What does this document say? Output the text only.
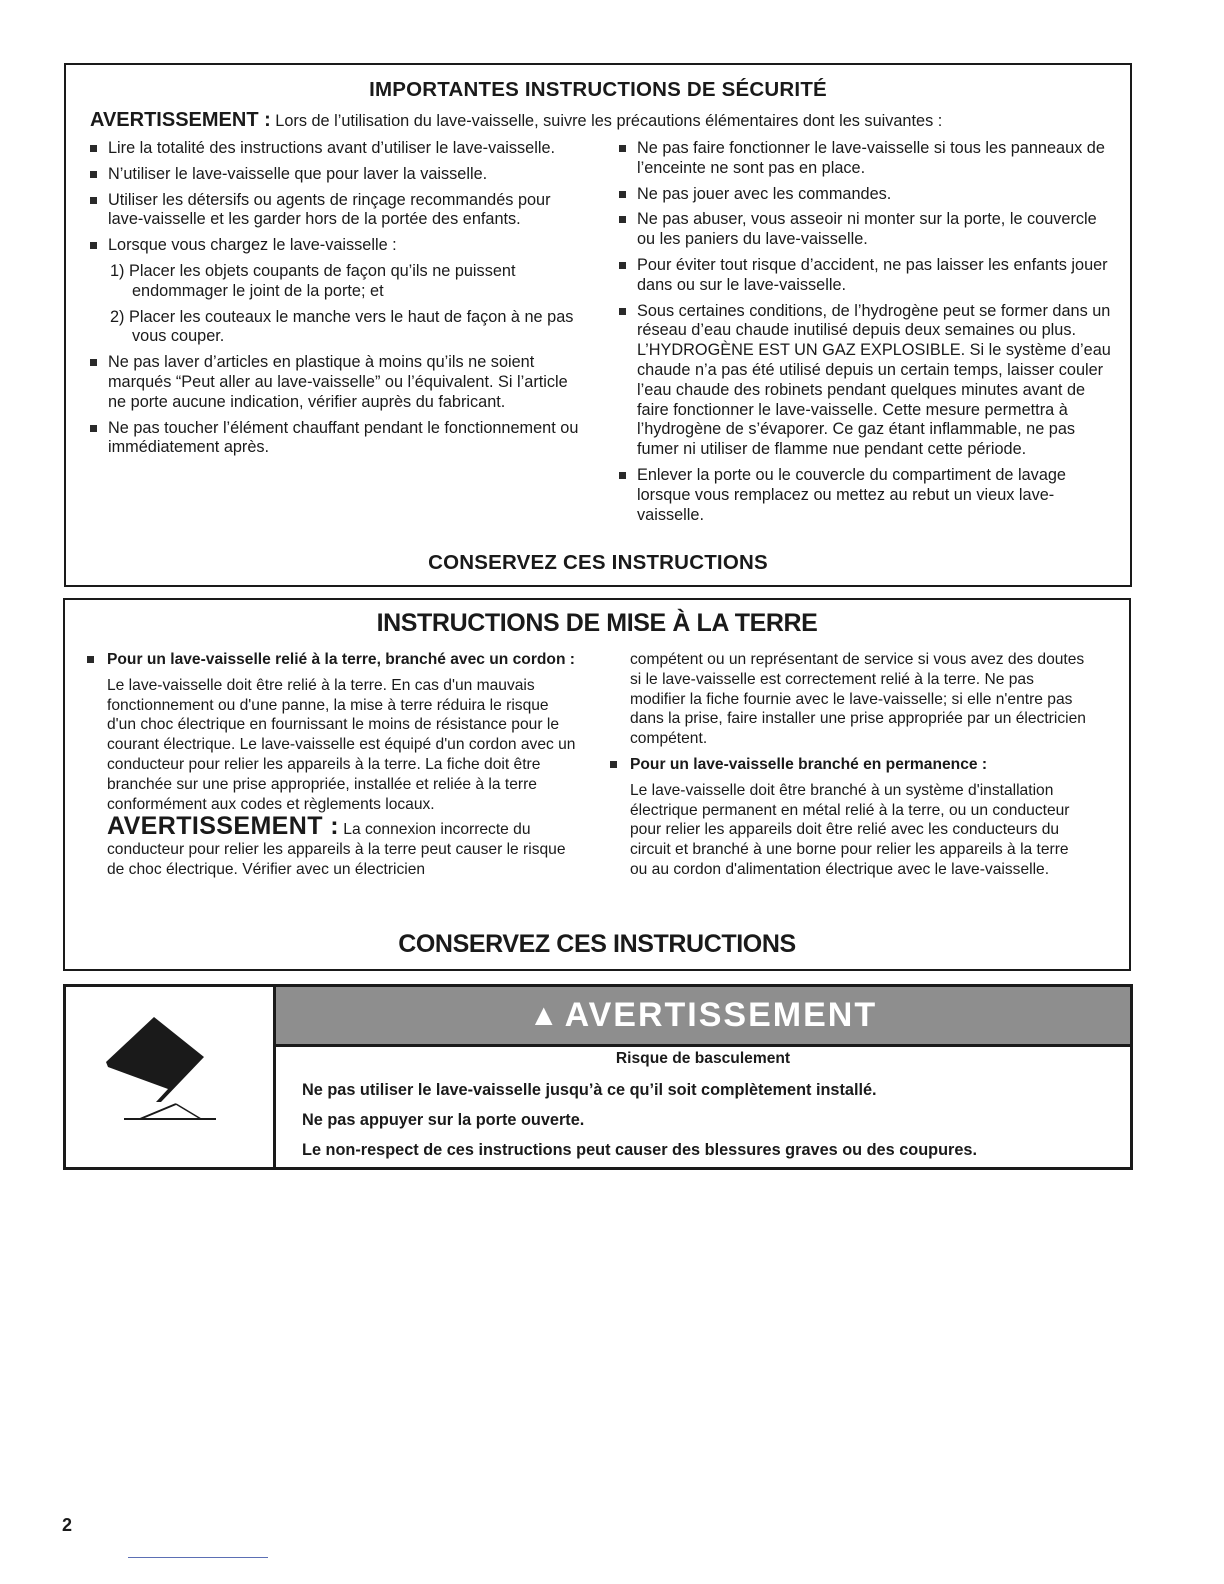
IMPORTANTES INSTRUCTIONS DE SÉCURITÉ
AVERTISSEMENT : Lors de l’utilisation du lave-vaisselle, suivre les précautions élémentaires dont les suivantes :
Lire la totalité des instructions avant d’utiliser le lave-vaisselle.
N’utiliser le lave-vaisselle que pour laver la vaisselle.
Utiliser les détersifs ou agents de rinçage recommandés pour lave-vaisselle et les garder hors de la portée des enfants.
Lorsque vous chargez le lave-vaisselle :
1) Placer les objets coupants de façon qu’ils ne puissent endommager le joint de la porte; et
2) Placer les couteaux le manche vers le haut de façon à ne pas vous couper.
Ne pas laver d’articles en plastique à moins qu’ils ne soient marqués “Peut aller au lave-vaisselle” ou l’équivalent. Si l’article ne porte aucune indication, vérifier auprès du fabricant.
Ne pas toucher l’élément chauffant pendant le fonctionnement ou immédiatement après.
Ne pas faire fonctionner le lave-vaisselle si tous les panneaux de l’enceinte ne sont pas en place.
Ne pas jouer avec les commandes.
Ne pas abuser, vous asseoir ni monter sur la porte, le couvercle ou les paniers du lave-vaisselle.
Pour éviter tout risque d’accident, ne pas laisser les enfants jouer dans ou sur le lave-vaisselle.
Sous certaines conditions, de l’hydrogène peut se former dans un réseau d’eau chaude inutilisé depuis deux semaines ou plus. L’HYDROGÈNE EST UN GAZ EXPLOSIBLE. Si le système d’eau chaude n’a pas été utilisé depuis un certain temps, laisser couler l’eau chaude des robinets pendant quelques minutes avant de faire fonctionner le lave-vaisselle. Cette mesure permettra à l’hydrogène de s’évaporer. Ce gaz étant inflammable, ne pas fumer ni utiliser de flamme nue pendant cette période.
Enlever la porte ou le couvercle du compartiment de lavage lorsque vous remplacez ou mettez au rebut un vieux lave-vaisselle.
CONSERVEZ CES INSTRUCTIONS
INSTRUCTIONS DE MISE À LA TERRE
Pour un lave-vaisselle relié à la terre, branché avec un cordon :
Le lave-vaisselle doit être relié à la terre. En cas d'un mauvais fonctionnement ou d'une panne, la mise à terre réduira le risque d'un choc électrique en fournissant le moins de résistance pour le courant électrique. Le lave-vaisselle est équipé d'un cordon avec un conducteur pour relier les appareils à la terre. La fiche doit être branchée sur une prise appropriée, installée et reliée à la terre conformément aux codes et règlements locaux.
AVERTISSEMENT : La connexion incorrecte du conducteur pour relier les appareils à la terre peut causer le risque de choc électrique. Vérifier avec un électricien
compétent ou un représentant de service si vous avez des doutes si le lave-vaisselle est correctement relié à la terre. Ne pas modifier la fiche fournie avec le lave-vaisselle; si elle n'entre pas dans la prise, faire installer une prise appropriée par un électricien compétent.
Pour un lave-vaisselle branché en permanence :
Le lave-vaisselle doit être branché à un système d'installation électrique permanent en métal relié à la terre, ou un conducteur pour relier les appareils doit être relié avec les conducteurs du circuit et branché à une borne pour relier les appareils à la terre ou au cordon d'alimentation électrique avec le lave-vaisselle.
CONSERVEZ CES INSTRUCTIONS
▲ AVERTISSEMENT
Risque de basculement
Ne pas utiliser le lave-vaisselle jusqu’à ce qu’il soit complètement installé.
Ne pas appuyer sur la porte ouverte.
Le non-respect de ces instructions peut causer des blessures graves ou des coupures.
2
